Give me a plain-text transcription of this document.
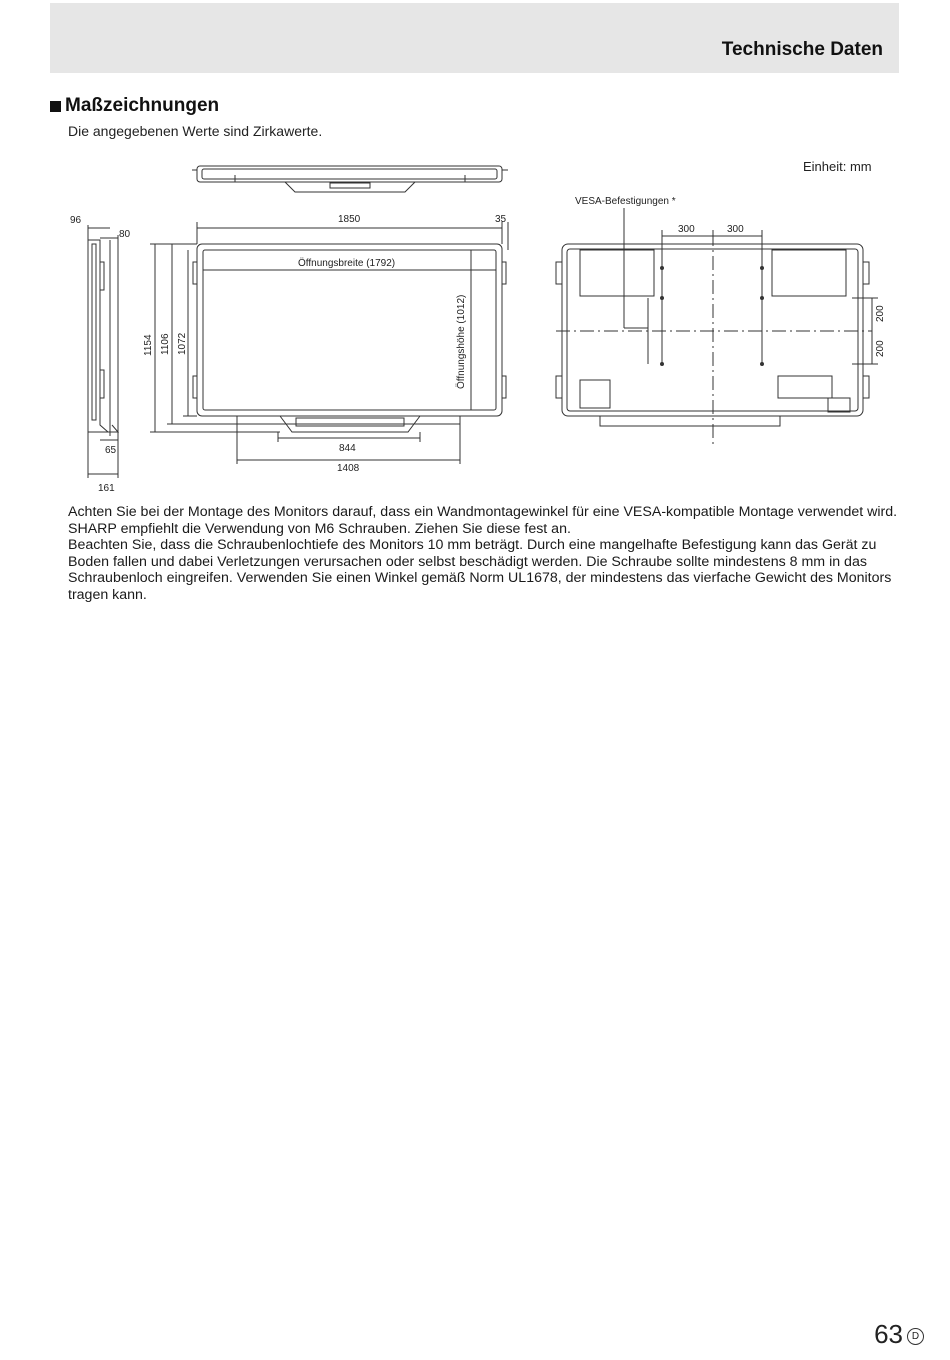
Technische Daten
Maßzeichnungen
Die angegebenen Werte sind Zirkawerte.
Einheit: mm
VESA-Befestigungen *
96
80
65
161
1850	35
Öffnungsbreite (1792)
Öffnungshöhe (1012)
1154 1106 1072
844
1408
300	300
200
200

Achten Sie bei der Montage des Monitors darauf, dass ein Wandmontagewinkel für eine VESA-kompatible Montage verwendet wird. SHARP empfiehlt die Verwendung von M6 Schrauben. Ziehen Sie diese fest an.

Beachten Sie, dass die Schraubenlochtiefe des Monitors 10 mm beträgt. Durch eine mangelhafte Befestigung kann das Gerät zu Boden fallen und dabei Verletzungen verursachen oder selbst beschädigt werden. Die Schraube sollte mindestens 8 mm in das Schraubenloch eingreifen. Verwenden Sie einen Winkel gemäß Norm UL1678, der mindestens das vierfache Gewicht des Monitors tragen kann.

63 D
